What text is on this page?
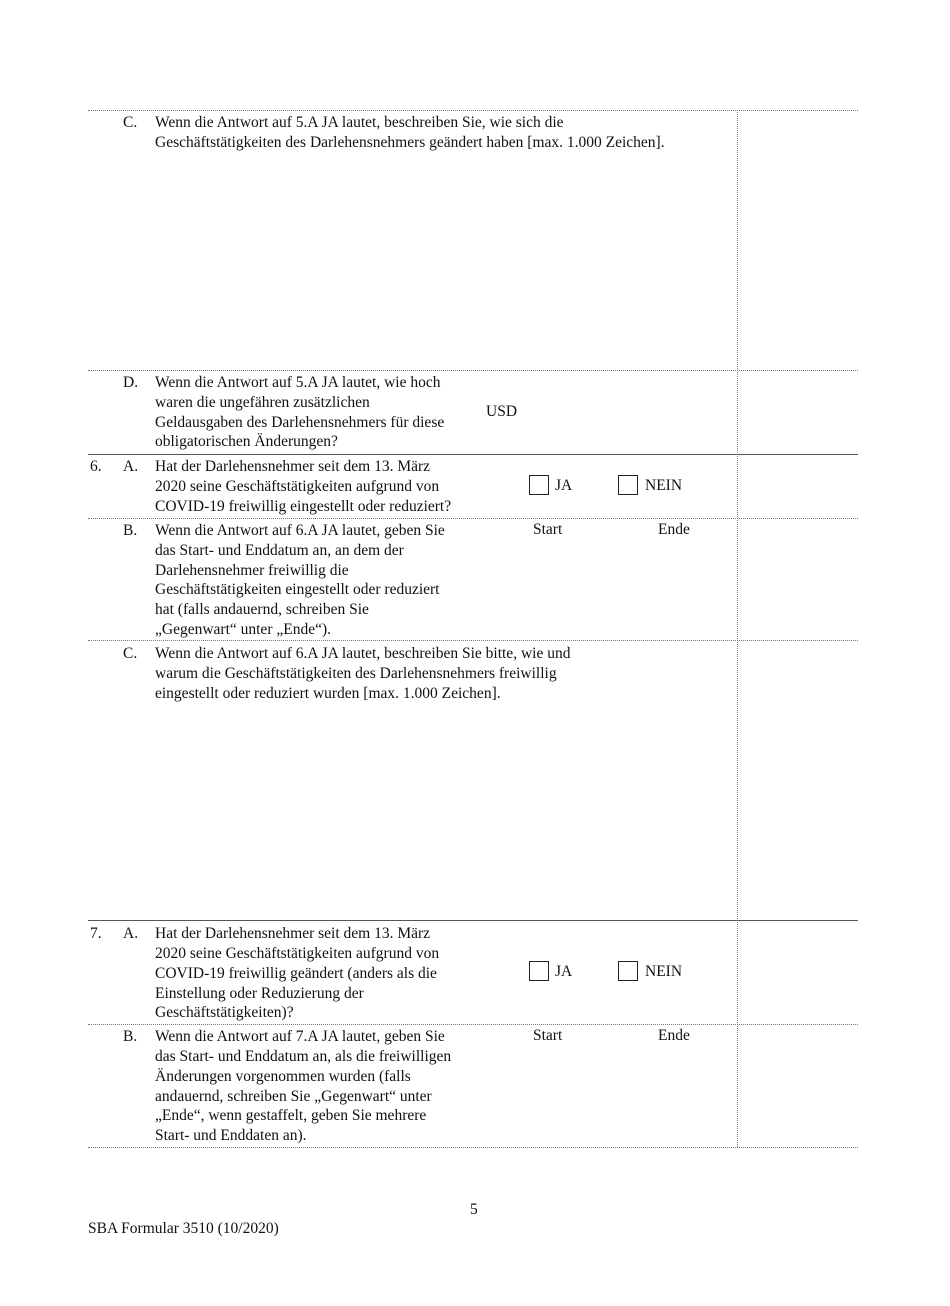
C. Wenn die Antwort auf 5.A JA lautet, beschreiben Sie, wie sich die
Geschäftstätigkeiten des Darlehensnehmers geändert haben [max. 1.000 Zeichen].
D. Wenn die Antwort auf 5.A JA lautet, wie hoch
waren die ungefähren zusätzlichen
Geldausgaben des Darlehensnehmers für diese
obligatorischen Änderungen?
USD
6. A. Hat der Darlehensnehmer seit dem 13. März
2020 seine Geschäftstätigkeiten aufgrund von
COVID-19 freiwillig eingestellt oder reduziert?
JA	NEIN
B. Wenn die Antwort auf 6.A JA lautet, geben Sie
das Start- und Enddatum an, an dem der
Darlehensnehmer freiwillig die
Geschäftstätigkeiten eingestellt oder reduziert
hat (falls andauernd, schreiben Sie
„Gegenwart“ unter „Ende“).
Start	Ende
C. Wenn die Antwort auf 6.A JA lautet, beschreiben Sie bitte, wie und
warum die Geschäftstätigkeiten des Darlehensnehmers freiwillig
eingestellt oder reduziert wurden [max. 1.000 Zeichen].
7. A. Hat der Darlehensnehmer seit dem 13. März
2020 seine Geschäftstätigkeiten aufgrund von
COVID-19 freiwillig geändert (anders als die
Einstellung oder Reduzierung der
Geschäftstätigkeiten)?
JA	NEIN
B. Wenn die Antwort auf 7.A JA lautet, geben Sie
das Start- und Enddatum an, als die freiwilligen
Änderungen vorgenommen wurden (falls
andauernd, schreiben Sie „Gegenwart“ unter
„Ende“, wenn gestaffelt, geben Sie mehrere
Start- und Enddaten an).
Start	Ende
5
SBA Formular 3510 (10/2020)
